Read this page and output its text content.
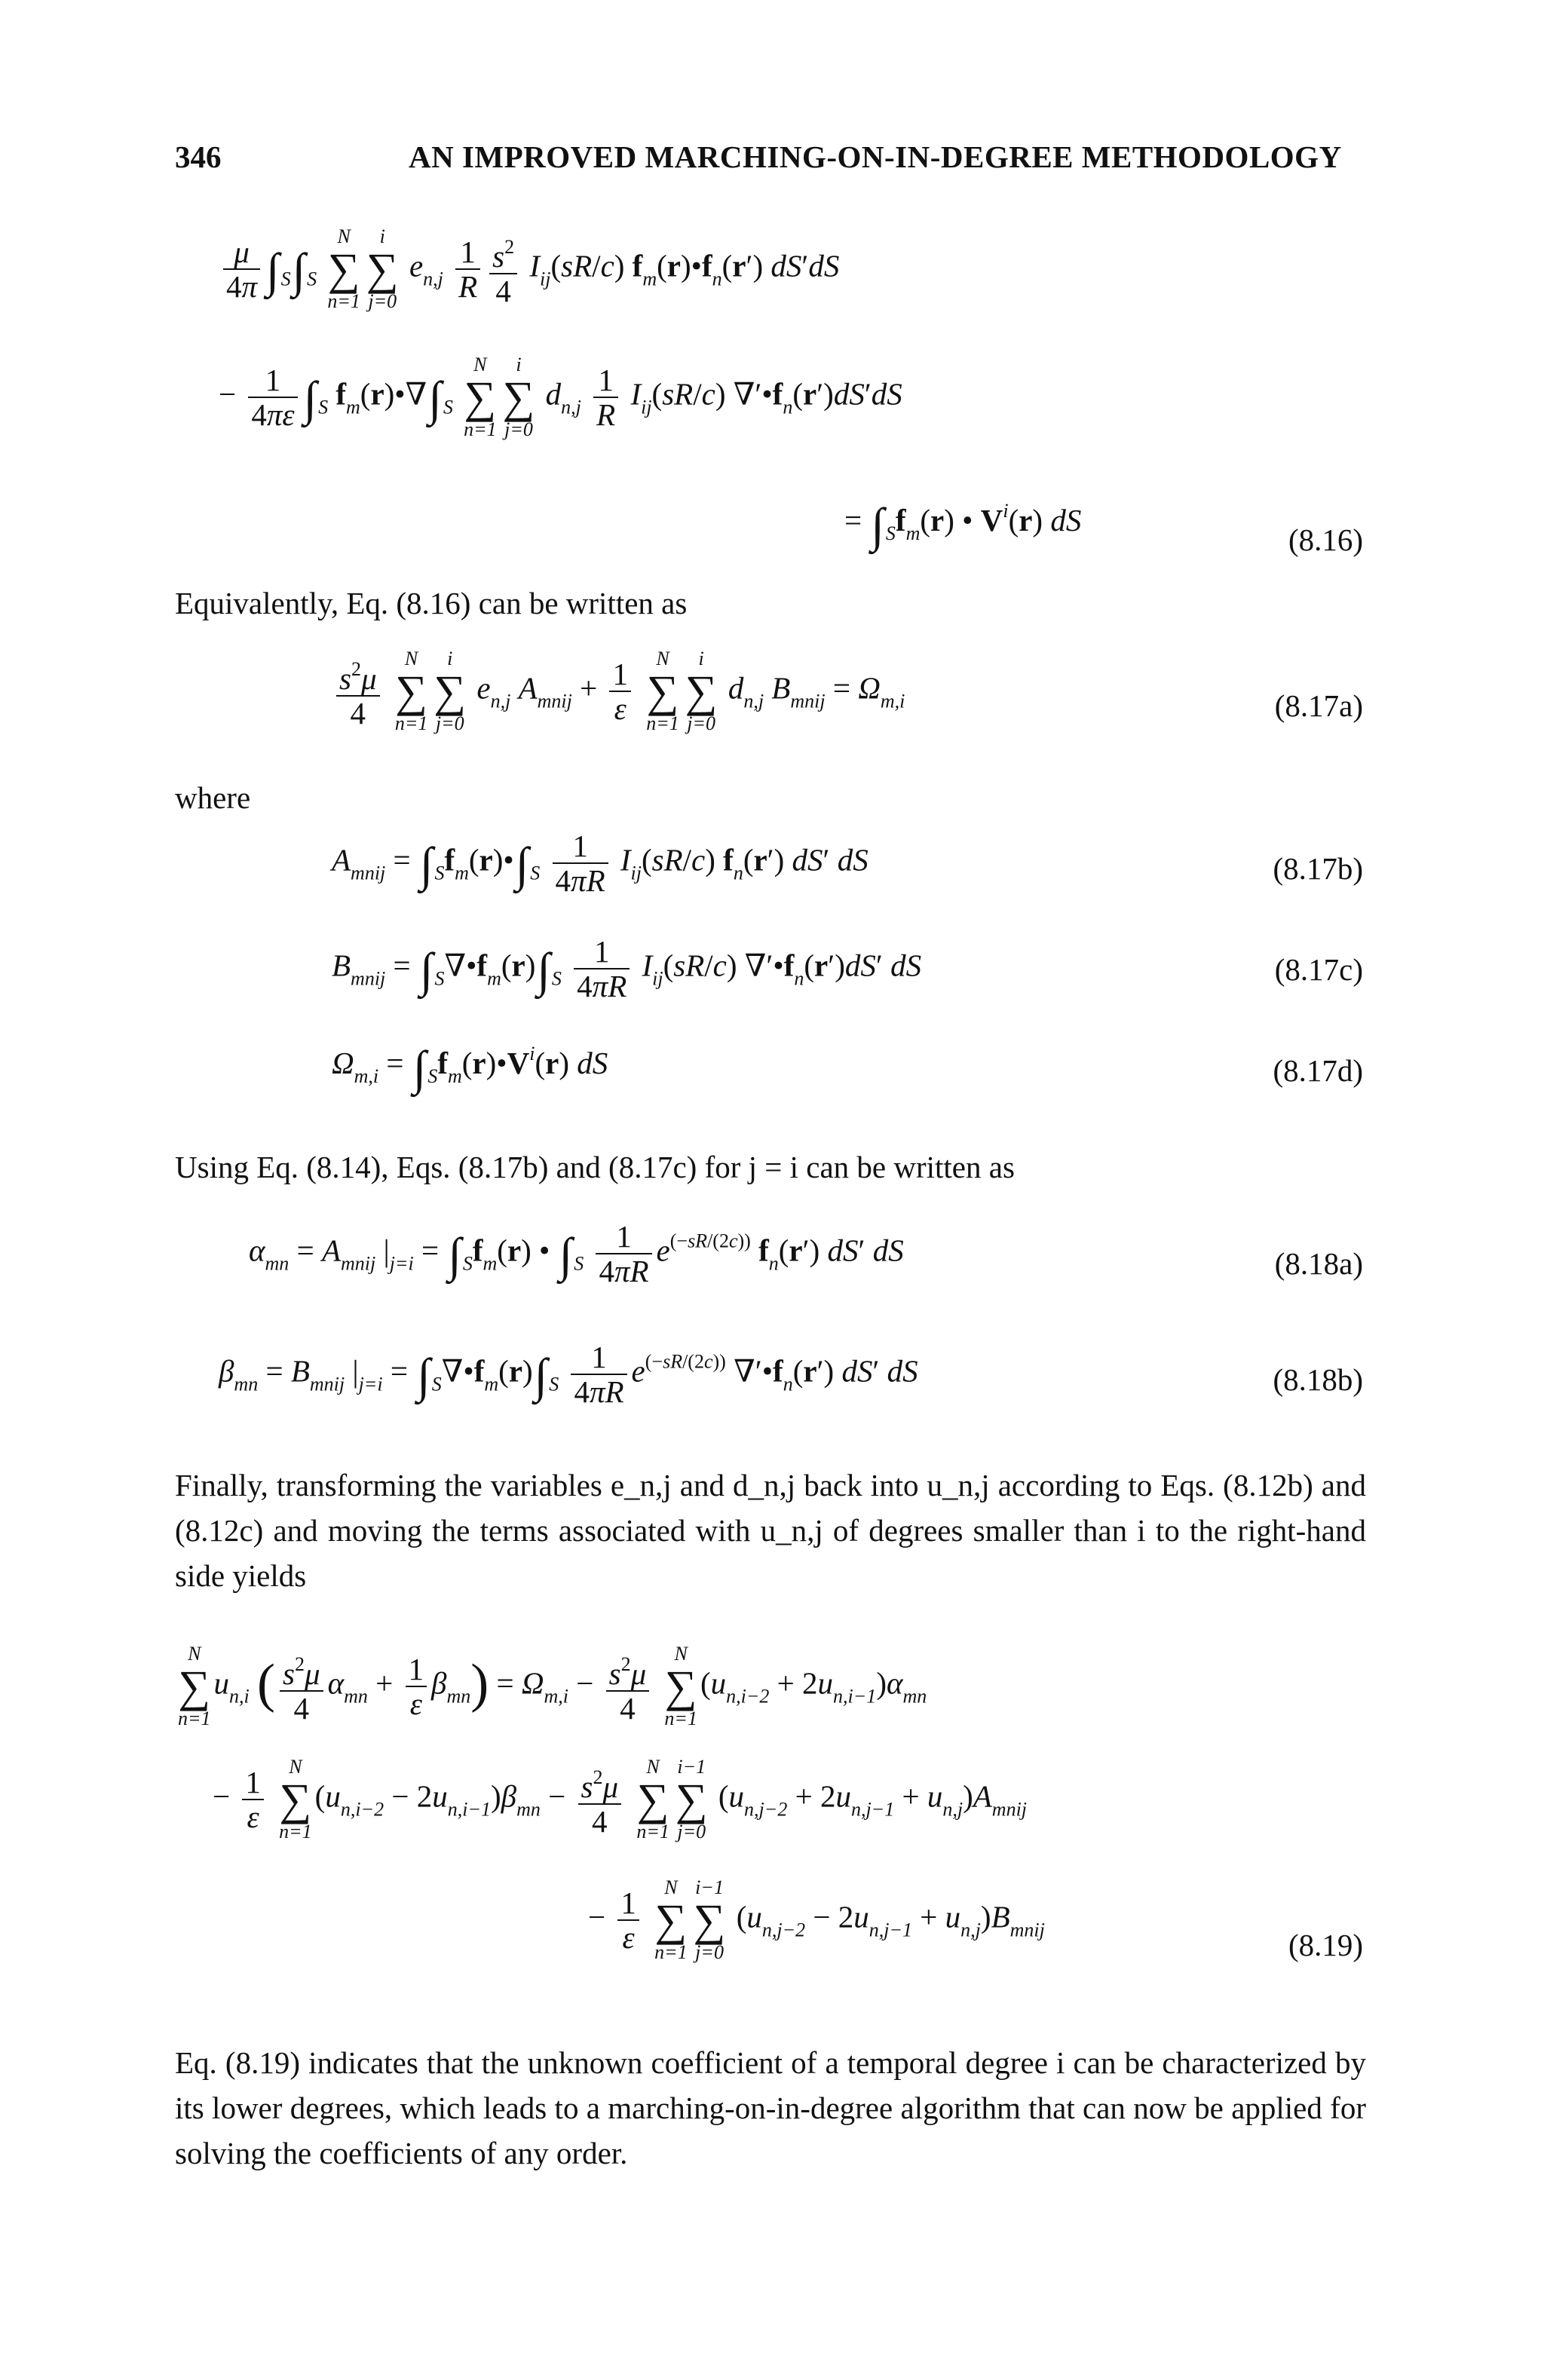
346	AN IMPROVED MARCHING-ON-IN-DEGREE METHODOLOGY
$\frac{\mu}{4\pi} \int_S\int_S$
N
∑
n=1
i
∑
j=0
$e_{n,j} \frac{1}{R} \frac{s^2}{4} I_{ij}(sR/c)$ $f_m(r)•f_n(r')$ dS′dS
− $\frac{1}{4\pi\varepsilon} \int_S$ $f_m(r)•\nabla\int_S$
N
∑
n=1
i
∑
j=0
$d_{n,j} \frac{1}{R} I_{ij}(sR/c)$ $\nabla'•f_n(r')dS'dS$
= $\int_Sf_m(r)$ • $V^i(r)$ dS
(8.16)
Equivalently, Eq. (8.16) can be written as
$\frac{s^2\mu}{4}$
	N
∑
n=1
i
∑
j=0
$e_{n,j}$ $A_{mnij} + \frac{1}{\varepsilon}$
	N
∑
n=1
i
∑
j=0
$d_{n,j}$ $B_{mnij} = \Omega_{m,i}$	(8.17a)
where
$A_{mnij}$ = $\int_Sf_m(r)•\int_S \frac{1}{4\pi R} I_{ij}(sR/c)$ $f_n(r')$ dS′ dS	(8.17b)
$B_{mnij}$ = $\int_S\nabla•f_m(r)\int_S \frac{1}{4\pi R} I_{ij}(sR/c)$ $\nabla'•f_n(r')dS'$ dS	(8.17c)
$\Omega_{m,i}$ = $\int_Sf_m(r)•V^i(r)$ dS	(8.17d)
Using Eq. (8.14), Eqs. (8.17b) and (8.17c) for j = i can be written as
$\alpha_{mn} = A_{mnij}$ $|_{j=i} = \int_Sf_m(r)$ • $\int_S \frac{1}{4\pi R} e^{(-sR/(2c))}$ $f_n(r')$ dS′ dS	(8.18a)
$\beta_{mn} = B_{mnij}$ $|_{j=i}$ = $\int_S\nabla•f_m(r)\int_S \frac{1}{4\pi R} e^{(-sR/(2c))}$ $\nabla'•f_n(r')$ dS′ dS	(8.18b)
Finally, transforming the variables e_n,j and d_n,j back into u_n,j according to Eqs. (8.12b) and (8.12c) and moving the terms associated with u_n,j of degrees smaller than i to the right-hand side yields
N
∑
n=1
$u_{n,i}$ ( $\frac{s^2\mu}{4} \alpha_{mn} + \frac{1}{\varepsilon} \beta_{mn}) = \Omega_{m,i} - \frac{s^2\mu}{4}$
	N
∑
n=1
$(u_{n,i-2} + 2u_{n,i-1})\alpha_{mn}$
− $\frac{1}{\varepsilon}$
	N
∑
n=1
$(u_{n,i-2} - 2u_{n,i-1})\beta_{mn} - \frac{s^2\mu}{4}$
	N
∑
n=1
i−1
∑
j=0
$(u_{n,j-2} + 2u_{n,j-1} + u_{n,j})A_{mnij}$
− $\frac{1}{\varepsilon}$
	N
∑
n=1
i−1
∑
j=0
$(u_{n,j-2} - 2u_{n,j-1} + u_{n,j})B_{mnij}$	(8.19)
Eq. (8.19) indicates that the unknown coefficient of a temporal degree i can be characterized by its lower degrees, which leads to a marching-on-in-degree algorithm that can now be applied for solving the coefficients of any order.
